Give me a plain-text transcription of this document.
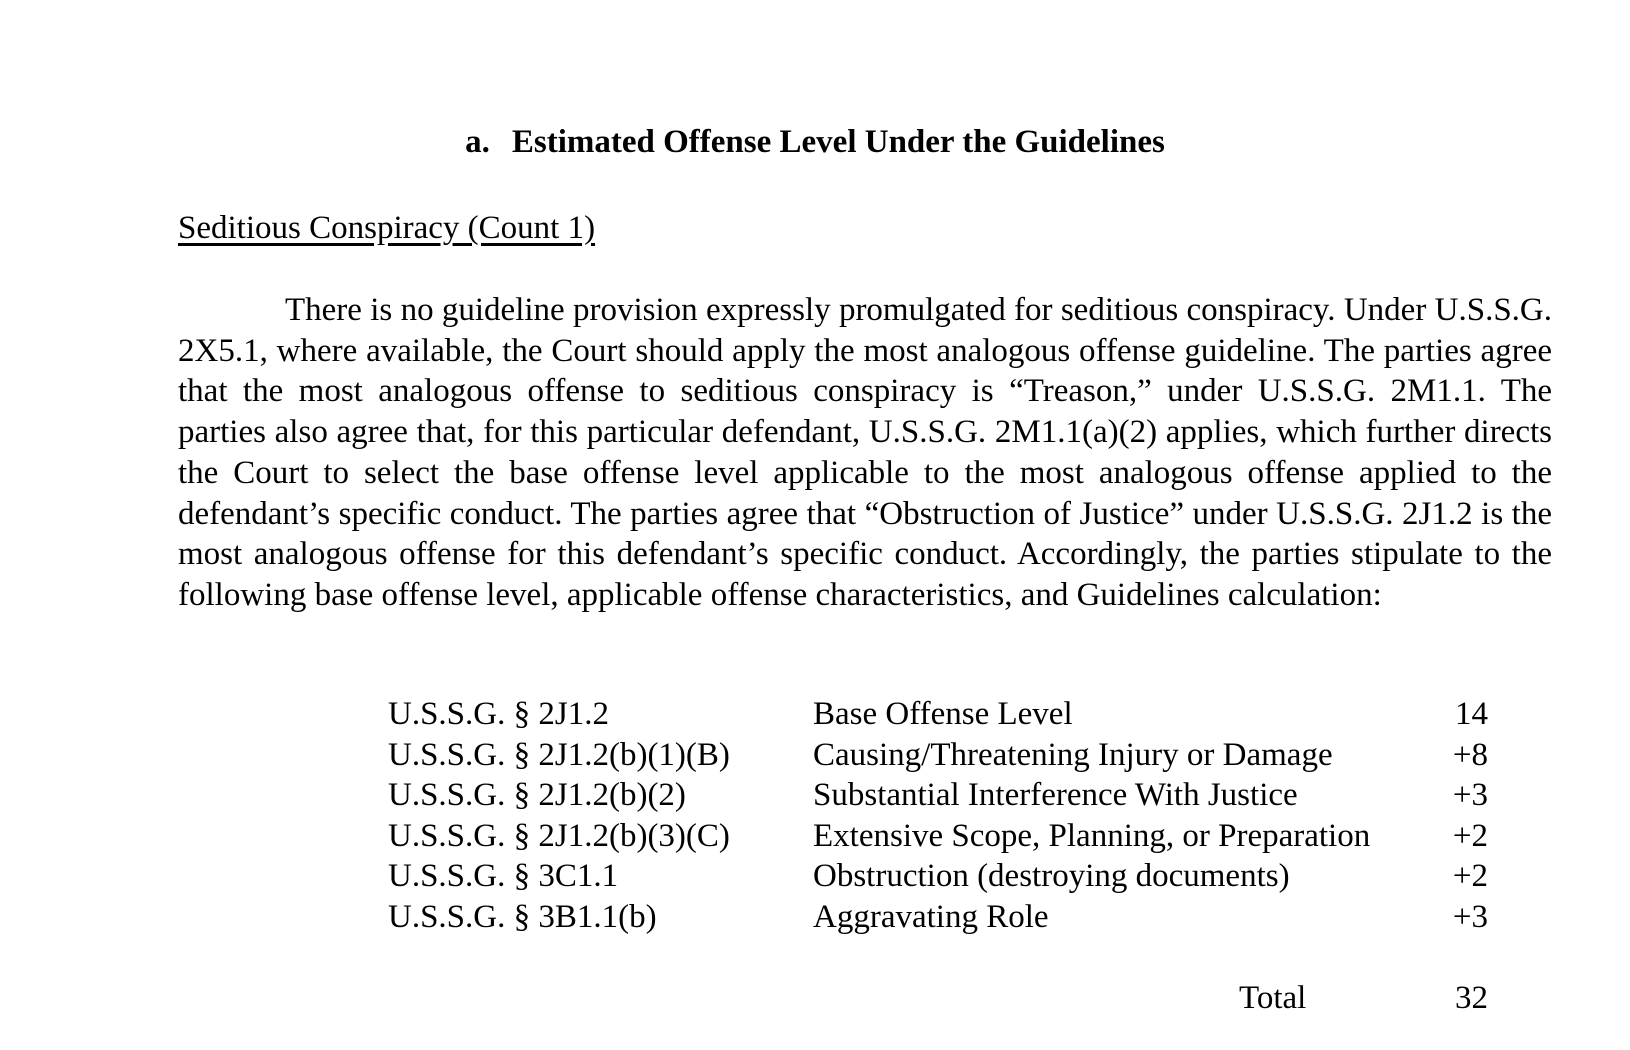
a. Estimated Offense Level Under the Guidelines
Seditious Conspiracy (Count 1)

There is no guideline provision expressly promulgated for seditious conspiracy. Under U.S.S.G. 2X5.1, where available, the Court should apply the most analogous offense guideline. The parties agree that the most analogous offense to seditious conspiracy is “Treason,” under U.S.S.G. 2M1.1. The parties also agree that, for this particular defendant, U.S.S.G. 2M1.1(a)(2) applies, which further directs the Court to select the base offense level applicable to the most analogous offense applied to the defendant’s specific conduct. The parties agree that “Obstruction of Justice” under U.S.S.G. 2J1.2 is the most analogous offense for this defendant’s specific conduct. Accordingly, the parties stipulate to the following base offense level, applicable offense characteristics, and Guidelines calculation:

U.S.S.G. § 2J1.2	Base Offense Level	14
U.S.S.G. § 2J1.2(b)(1)(B)	Causing/Threatening Injury or Damage	+8
U.S.S.G. § 2J1.2(b)(2)	Substantial Interference With Justice	+3
U.S.S.G. § 2J1.2(b)(3)(C)	Extensive Scope, Planning, or Preparation	+2
U.S.S.G. § 3C1.1	Obstruction (destroying documents)	+2
U.S.S.G. § 3B1.1(b)	Aggravating Role	+3
Total	32
